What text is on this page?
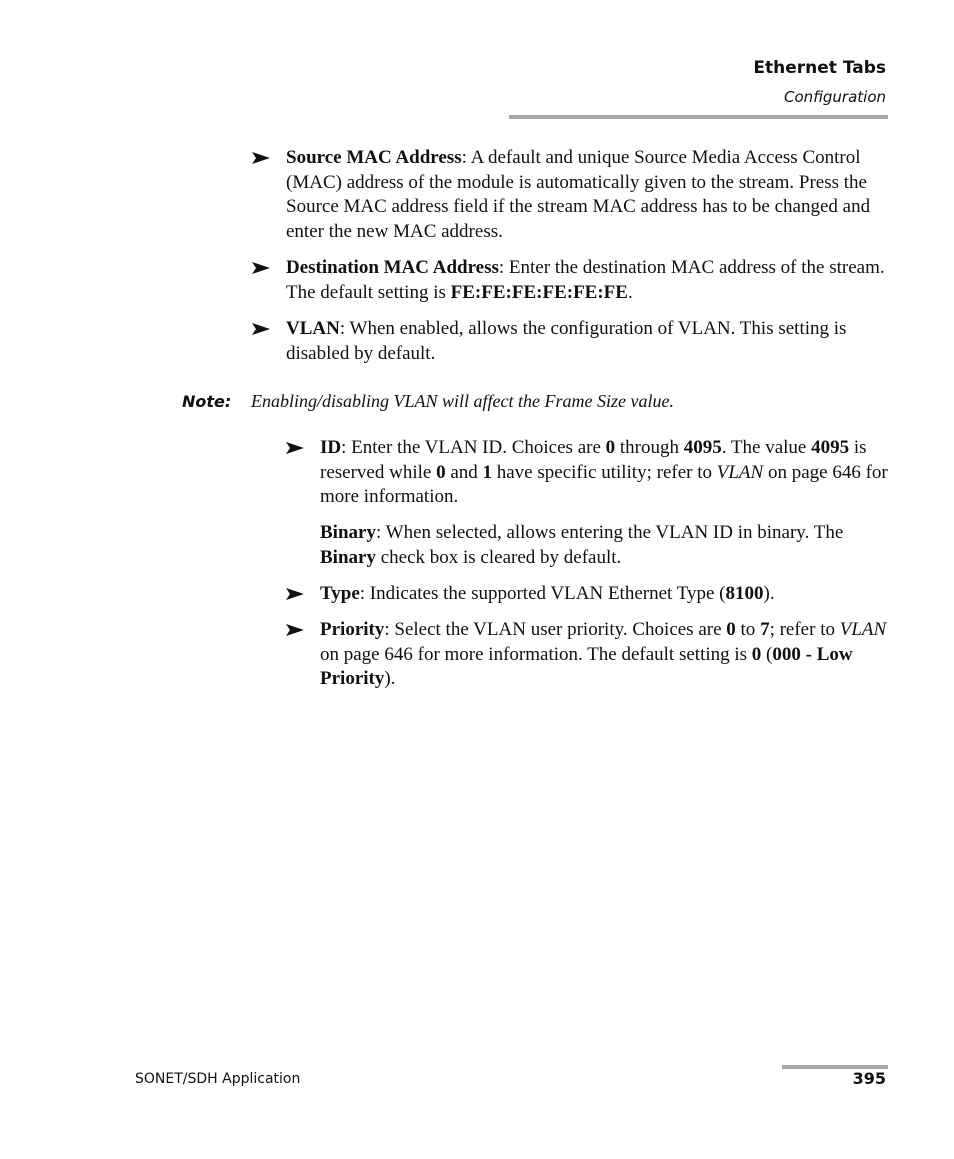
Ethernet Tabs
Configuration
Source MAC Address: A default and unique Source Media Access Control (MAC) address of the module is automatically given to the stream. Press the Source MAC address field if the stream MAC address has to be changed and enter the new MAC address.
Destination MAC Address: Enter the destination MAC address of the stream. The default setting is FE:FE:FE:FE:FE:FE.
VLAN: When enabled, allows the configuration of VLAN. This setting is disabled by default.
Note: Enabling/disabling VLAN will affect the Frame Size value.
ID: Enter the VLAN ID. Choices are 0 through 4095. The value 4095 is reserved while 0 and 1 have specific utility; refer to VLAN on page 646 for more information.
Binary: When selected, allows entering the VLAN ID in binary. The Binary check box is cleared by default.
Type: Indicates the supported VLAN Ethernet Type (8100).
Priority: Select the VLAN user priority. Choices are 0 to 7; refer to VLAN on page 646 for more information. The default setting is 0 (000 - Low Priority).
SONET/SDH Application	395
